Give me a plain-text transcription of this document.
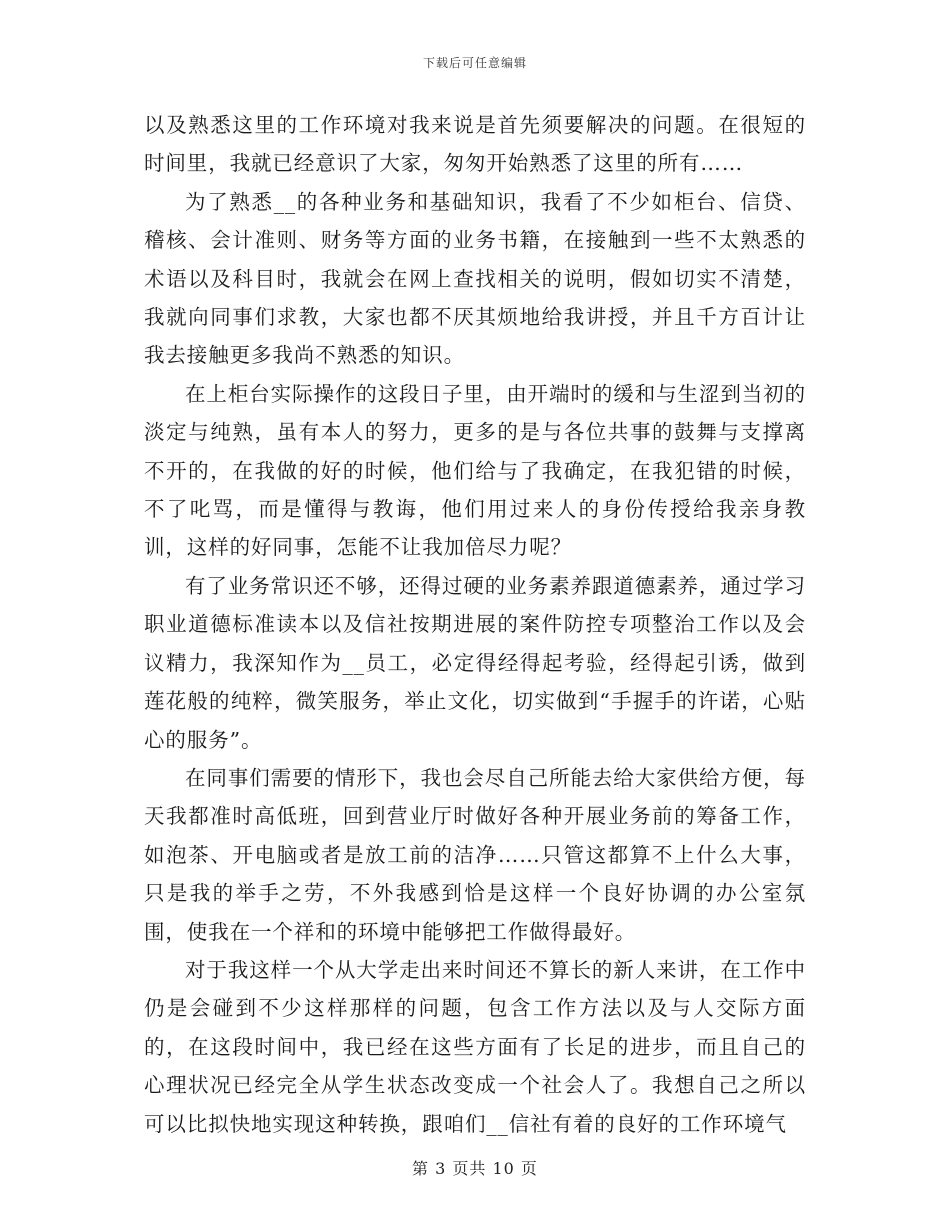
下载后可任意编辑

以及熟悉这里的工作环境对我来说是首先须要解决的问题。在很短的时间里，我就已经意识了大家，匆匆开始熟悉了这里的所有……

为了熟悉__的各种业务和基础知识，我看了不少如柜台、信贷、稽核、会计准则、财务等方面的业务书籍，在接触到一些不太熟悉的术语以及科目时，我就会在网上查找相关的说明，假如切实不清楚，我就向同事们求教，大家也都不厌其烦地给我讲授，并且千方百计让我去接触更多我尚不熟悉的知识。

在上柜台实际操作的这段日子里，由开端时的缓和与生涩到当初的淡定与纯熟，虽有本人的努力，更多的是与各位共事的鼓舞与支撑离不开的，在我做的好的时候，他们给与了我确定，在我犯错的时候，不了叱骂，而是懂得与教诲，他们用过来人的身份传授给我亲身教训，这样的好同事，怎能不让我加倍尽力呢？

有了业务常识还不够，还得过硬的业务素养跟道德素养，通过学习职业道德标准读本以及信社按期进展的案件防控专项整治工作以及会议精力，我深知作为__员工，必定得经得起考验，经得起引诱，做到莲花般的纯粹，微笑服务，举止文化，切实做到“手握手的许诺，心贴心的服务”。

在同事们需要的情形下，我也会尽自己所能去给大家供给方便，每天我都准时高低班，回到营业厅时做好各种开展业务前的筹备工作，如泡茶、开电脑或者是放工前的洁净……只管这都算不上什么大事，只是我的举手之劳，不外我感到恰是这样一个良好协调的办公室氛围，使我在一个祥和的环境中能够把工作做得最好。

对于我这样一个从大学走出来时间还不算长的新人来讲，在工作中仍是会碰到不少这样那样的问题，包含工作方法以及与人交际方面的，在这段时间中，我已经在这些方面有了长足的进步，而且自己的心理状况已经完全从学生状态改变成一个社会人了。我想自己之所以可以比拟快地实现这种转换，跟咱们__信社有着的良好的工作环境气

第 3 页共 10 页
